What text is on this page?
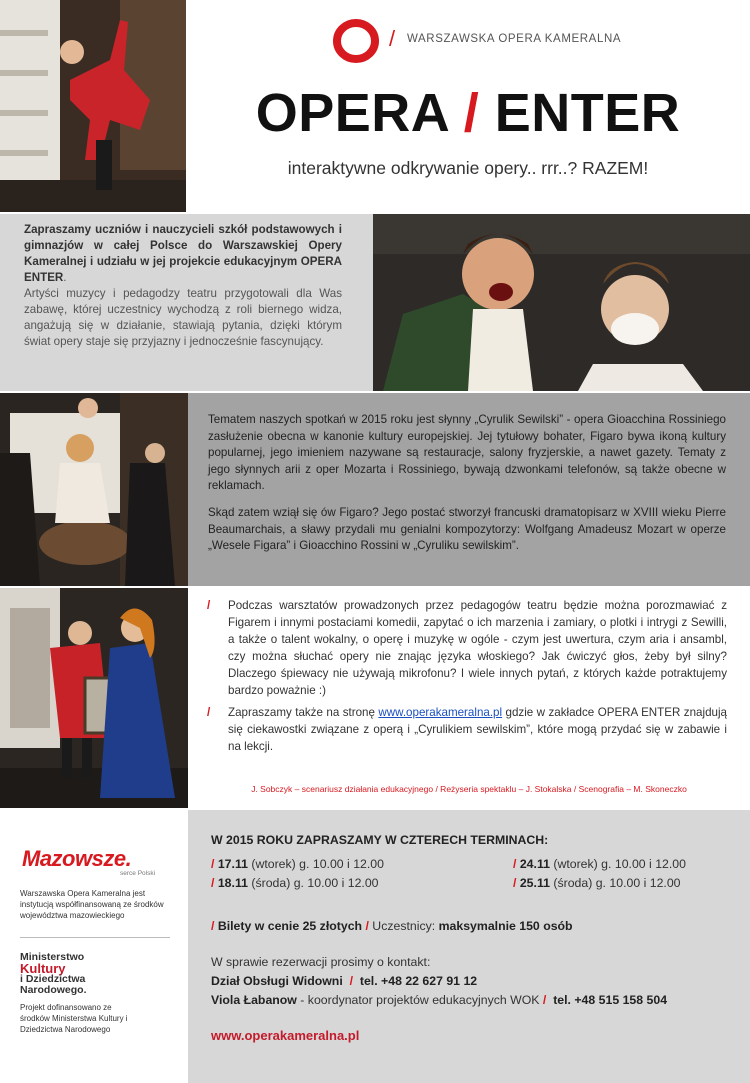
/ WARSZAWSKA OPERA KAMERALNA
OPERA / ENTER
interaktywne odkrywanie opery.. rrr..? RAZEM!
Zapraszamy uczniów i nauczycieli szkół podstawowych i gimnazjów w całej Polsce do Warszawskiej Opery Kameralnej i udziału w jej projekcie edukacyjnym OPERA ENTER.
Artyści muzycy i pedagodzy teatru przygotowali dla Was zabawę, której uczestnicy wychodzą z roli biernego widza, angażują się w działanie, stawiają pytania, dzięki którym świat opery staje się przyjazny i jednocześnie fascynujący.

Tematem naszych spotkań w 2015 roku jest słynny „Cyrulik Sewilski” - opera Gioacchina Rossiniego zasłużenie obecna w kanonie kultury europejskiej. Jej tytułowy bohater, Figaro bywa ikoną kultury popularnej, jego imieniem nazywane są restauracje, salony fryzjerskie, a nawet gazety. Tematy z jego słynnych arii z oper Mozarta i Rossiniego, bywają dzwonkami telefonów, są także obecne w reklamach.

Skąd zatem wziął się ów Figaro? Jego postać stworzył francuski dramatopisarz w XVIII wieku Pierre Beaumarchais, a sławy przydali mu genialni kompozytorzy: Wolfgang Amadeusz Mozart w operze „Wesele Figara” i Gioacchino Rossini w „Cyruliku sewilskim”.

/ Podczas warsztatów prowadzonych przez pedagogów teatru będzie można porozmawiać z Figarem i innymi postaciami komedii, zapytać o ich marzenia i zamiary, o plotki i intrygi z Sewilli, a także o talent wokalny, o operę i muzykę w ogóle - czym jest uwertura, czym aria i ansambl, czy można słuchać opery nie znając języka włoskiego? Jak ćwiczyć głos, żeby był silny? Dlaczego śpiewacy nie używają mikrofonu? I wiele innych pytań, z których każde potraktujemy bardzo poważnie :)
/ Zapraszamy także na stronę www.operakameralna.pl gdzie w zakładce OPERA ENTER znajdują się ciekawostki związane z operą i „Cyrulikiem sewilskim”, które mogą przydać się w zabawie i na lekcji.
J. Sobczyk – scenariusz działania edukacyjnego / Reżyseria spektaklu – J. Stokalska / Scenografia – M. Skoneczko
Mazowsze.
serce Polski
Warszawska Opera Kameralna jest instytucją współfinansowaną ze środków województwa mazowieckiego
Ministerstwo
Kultury
i Dziedzictwa
Narodowego.
Projekt dofinansowano ze środków Ministerstwa Kultury i Dziedzictwa Narodowego
W 2015 ROKU ZAPRASZAMY W CZTERECH TERMINACH:
/ 17.11 (wtorek) g. 10.00 i 12.00	/ 24.11 (wtorek) g. 10.00 i 12.00
/ 18.11 (środa) g. 10.00 i 12.00	/ 25.11 (środa) g. 10.00 i 12.00
/ Bilety w cenie 25 złotych / Uczestnicy: maksymalnie 150 osób
W sprawie rezerwacji prosimy o kontakt:
Dział Obsługi Widowni / tel. +48 22 627 91 12
Viola Łabanow - koordynator projektów edukacyjnych WOK / tel. +48 515 158 504
www.operakameralna.pl
